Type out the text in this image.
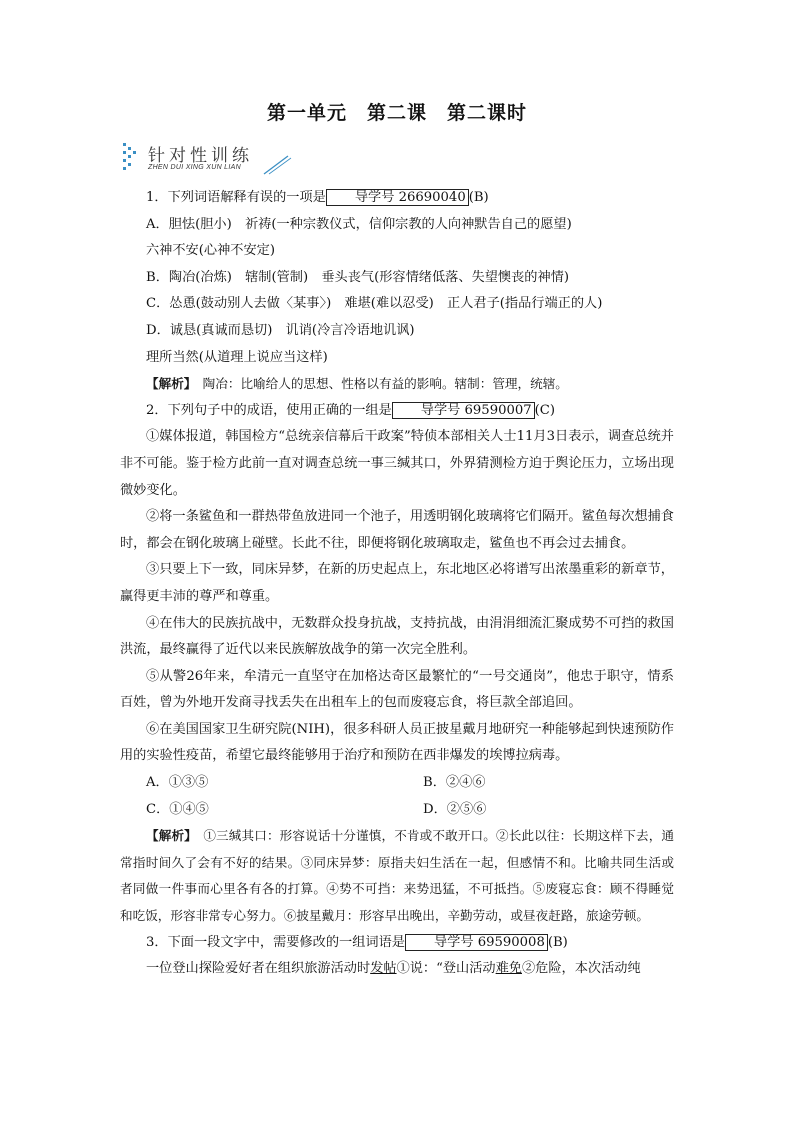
第一单元　第二课　第二课时
针对性训练
ZHEN DUI XING XUN LIAN

1．下列词语解释有误的一项是 导学号 26690040 (B)

A．胆怯(胆小)　祈祷(一种宗教仪式，信仰宗教的人向神默告自己的愿望)

六神不安(心神不安定)

B．陶冶(冶炼)　辖制(管制)　垂头丧气(形容情绪低落、失望懊丧的神情)

C．怂恿(鼓动别人去做〈某事〉)　难堪(难以忍受)　正人君子(指品行端正的人)

D．诚恳(真诚而恳切)　讥诮(冷言冷语地讥讽)

理所当然(从道理上说应当这样)

【解析】　陶冶：比喻给人的思想、性格以有益的影响。辖制：管理，统辖。

2．下列句子中的成语，使用正确的一组是 导学号 69590007 (C)

①媒体报道，韩国检方“总统亲信幕后干政案”特侦本部相关人士11月3日表示，调查总统并非不可能。鉴于检方此前一直对调查总统一事三缄其口，外界猜测检方迫于舆论压力，立场出现微妙变化。

②将一条鲨鱼和一群热带鱼放进同一个池子，用透明钢化玻璃将它们隔开。鲨鱼每次想捕食时，都会在钢化玻璃上碰壁。长此不往，即便将钢化玻璃取走，鲨鱼也不再会过去捕食。

③只要上下一致，同床异梦，在新的历史起点上，东北地区必将谱写出浓墨重彩的新章节，赢得更丰沛的尊严和尊重。

④在伟大的民族抗战中，无数群众投身抗战，支持抗战，由涓涓细流汇聚成势不可挡的救国洪流，最终赢得了近代以来民族解放战争的第一次完全胜利。

⑤从警26年来，牟清元一直坚守在加格达奇区最繁忙的“一号交通岗”，他忠于职守，情系百姓，曾为外地开发商寻找丢失在出租车上的包而废寝忘食，将巨款全部追回。

⑥在美国国家卫生研究院(NIH)，很多科研人员正披星戴月地研究一种能够起到快速预防作用的实验性疫苗，希望它最终能够用于治疗和预防在西非爆发的埃博拉病毒。

A．①③⑤	B．②④⑥
C．①④⑤	D．②⑤⑥

【解析】　①三缄其口：形容说话十分谨慎，不肯或不敢开口。②长此以往：长期这样下去，通常指时间久了会有不好的结果。③同床异梦：原指夫妇生活在一起，但感情不和。比喻共同生活或者同做一件事而心里各有各的打算。④势不可挡：来势迅猛，不可抵挡。⑤废寝忘食：顾不得睡觉和吃饭，形容非常专心努力。⑥披星戴月：形容早出晚出，辛勤劳动，或昼夜赶路，旅途劳顿。

3．下面一段文字中，需要修改的一组词语是 导学号 69590008 (B)

一位登山探险爱好者在组织旅游活动时发帖①说：“登山活动难免②危险，本次活动纯
